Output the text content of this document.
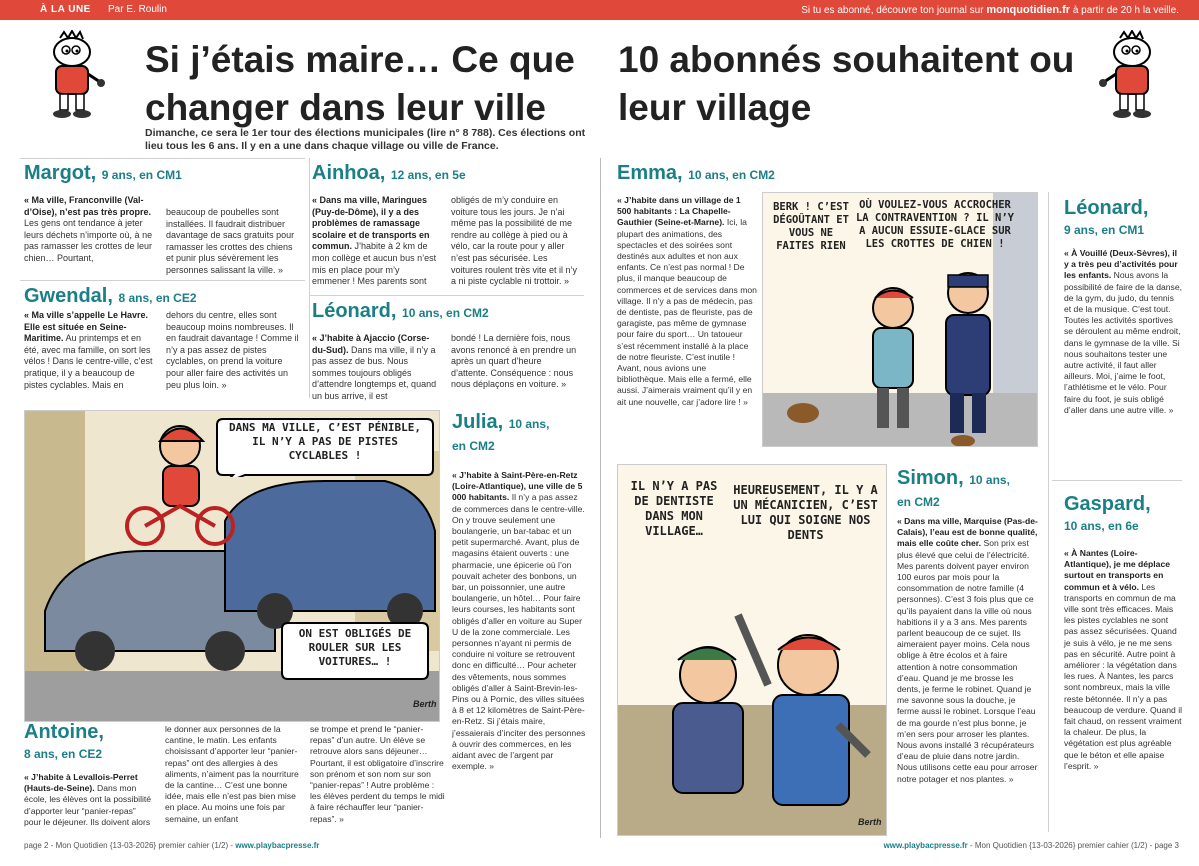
À LA UNE Par E. Roulin	Si tu es abonné, découvre ton journal sur monquotidien.fr à partir de 20 h la veille.
Si j’étais maire… Ce que changer dans leur ville
10 abonnés souhaitent ou leur village
Dimanche, ce sera le 1er tour des élections municipales (lire n° 8 788). Ces élections ont lieu tous les 6 ans. Il y en a une dans chaque village ou ville de France.
Margot, 9 ans, en CM1
« Ma ville, Franconville (Val-d’Oise), n’est pas très propre. Les gens ont tendance à jeter leurs déchets n’importe où, à ne pas ramasser les crottes de leur chien… Pourtant,
beaucoup de poubelles sont installées. Il faudrait distribuer davantage de sacs gratuits pour ramasser les crottes des chiens et punir plus sévèrement les personnes salissant la ville. »
Gwendal, 8 ans, en CE2
« Ma ville s’appelle Le Havre. Elle est située en Seine-Maritime. Au printemps et en été, avec ma famille, on sort les vélos ! Dans le centre-ville, c’est pratique, il y a beaucoup de pistes cyclables. Mais en
dehors du centre, elles sont beaucoup moins nombreuses. Il en faudrait davantage ! Comme il n’y a pas assez de pistes cyclables, on prend la voiture pour aller faire des activités un peu plus loin. »
Ainhoa, 12 ans, en 5e
« Dans ma ville, Maringues (Puy-de-Dôme), il y a des problèmes de ramassage scolaire et de transports en commun. J’habite à 2 km de mon collège et aucun bus n’est mis en place pour m’y emmener ! Mes parents sont
obligés de m’y conduire en voiture tous les jours. Je n’ai même pas la possibilité de me rendre au collège à pied ou à vélo, car la route pour y aller n’est pas sécurisée. Les voitures roulent très vite et il n’y a ni piste cyclable ni trottoir. »
Léonard, 10 ans, en CM2
« J’habite à Ajaccio (Corse-du-Sud). Dans ma ville, il n’y a pas assez de bus. Nous sommes toujours obligés d’attendre longtemps et, quand un bus arrive, il est
bondé ! La dernière fois, nous avons renoncé à en prendre un après un quart d’heure d’attente. Conséquence : nous nous déplaçons en voiture. »
DANS MA VILLE, C’EST PÉNIBLE, IL N’Y A PAS DE PISTES CYCLABLES !
ON EST OBLIGÉS DE ROULER SUR LES VOITURES… !
Berth
Julia, 10 ans,
en CM2
« J’habite à Saint-Père-en-Retz (Loire-Atlantique), une ville de 5 000 habitants. Il n’y a pas assez de commerces dans le centre-ville. On y trouve seulement une boulangerie, un bar-tabac et un petit supermarché. Avant, plus de magasins étaient ouverts : une pharmacie, une épicerie où l’on pouvait acheter des bonbons, un bar, un poissonnier, une autre boulangerie, un hôtel… Pour faire leurs courses, les habitants sont obligés d’aller en voiture au Super U de la zone commerciale. Les personnes n’ayant ni permis de conduire ni voiture se retrouvent donc en difficulté… Pour acheter des vêtements, nous sommes obligés d’aller à Saint-Brevin-les-Pins ou à Pornic, des villes situées à 8 et 12 kilomètres de Saint-Père-en-Retz. Si j’étais maire, j’essaierais d’inciter des personnes à ouvrir des commerces, en les aidant avec de l’argent par exemple. »
Antoine,
8 ans, en CE2
« J’habite à Levallois-Perret (Hauts-de-Seine). Dans mon école, les élèves ont la possibilité d’apporter leur “panier-repas” pour le déjeuner. Ils doivent alors
le donner aux personnes de la cantine, le matin. Les enfants choisissant d’apporter leur “panier-repas” ont des allergies à des aliments, n’aiment pas la nourriture de la cantine… C’est une bonne idée, mais elle n’est pas bien mise en place. Au moins une fois par semaine, un enfant
se trompe et prend le “panier-repas” d’un autre. Un élève se retrouve alors sans déjeuner… Pourtant, il est obligatoire d’inscrire son prénom et son nom sur son “panier-repas” ! Autre problème : les élèves perdent du temps le midi à faire réchauffer leur “panier-repas”. »
Emma, 10 ans, en CM2
« J’habite dans un village de 1 500 habitants : La Chapelle-Gauthier (Seine-et-Marne). Ici, la plupart des animations, des spectacles et des soirées sont destinés aux adultes et non aux enfants. Ce n’est pas normal ! De plus, il manque beaucoup de commerces et de services dans mon village. Il n’y a pas de médecin, pas de dentiste, pas de fleuriste, pas de garagiste, pas même de gymnase pour faire du sport… Un tatoueur s’est récemment installé à la place de notre fleuriste. C’est inutile ! Avant, nous avions une bibliothèque. Mais elle a fermé, elle aussi. J’aimerais vraiment qu’il y en ait une nouvelle, car j’adore lire ! »
BERK ! C’EST DÉGOÛTANT ET VOUS NE FAITES RIEN
OÙ VOULEZ-VOUS ACCROCHER LA CONTRAVENTION ? IL N’Y A AUCUN ESSUIE-GLACE SUR LES CROTTES DE CHIEN !
Léonard,
9 ans, en CM1
« À Vouillé (Deux-Sèvres), il y a très peu d’activités pour les enfants. Nous avons la possibilité de faire de la danse, de la gym, du judo, du tennis et de la musique. C’est tout. Toutes les activités sportives se déroulent au même endroit, dans le gymnase de la ville. Si nous souhaitons tester une autre activité, il faut aller ailleurs. Moi, j’aime le foot, l’athlétisme et le vélo. Pour faire du foot, je suis obligé d’aller dans une autre ville. »
Gaspard,
10 ans, en 6e
« À Nantes (Loire-Atlantique), je me déplace surtout en transports en commun et à vélo. Les transports en commun de ma ville sont très efficaces. Mais les pistes cyclables ne sont pas assez sécurisées. Quand je suis à vélo, je ne me sens pas en sécurité. Autre point à améliorer : la végétation dans les rues. À Nantes, les parcs sont nombreux, mais la ville reste bétonnée. Il n’y a pas beaucoup de verdure. Quand il fait chaud, on ressent vraiment la chaleur. De plus, la végétation est plus agréable que le béton et elle apaise l’esprit. »
IL N’Y A PAS DE DENTISTE DANS MON VILLAGE…
HEUREUSEMENT, IL Y A UN MÉCANICIEN, C’EST LUI QUI SOIGNE NOS DENTS
Berth
Simon, 10 ans,
en CM2
« Dans ma ville, Marquise (Pas-de-Calais), l’eau est de bonne qualité, mais elle coûte cher. Son prix est plus élevé que celui de l’électricité. Mes parents doivent payer environ 100 euros par mois pour la consommation de notre famille (4 personnes). C’est 3 fois plus que ce qu’ils payaient dans la ville où nous habitions il y a 3 ans. Mes parents parlent beaucoup de ce sujet. Ils aimeraient payer moins. Cela nous oblige à être écolos et à faire attention à notre consommation d’eau. Quand je me brosse les dents, je ferme le robinet. Quand je me savonne sous la douche, je ferme aussi le robinet. Lorsque l’eau de ma gourde n’est plus bonne, je m’en sers pour arroser les plantes. Nous avons installé 3 récupérateurs d’eau de pluie dans notre jardin. Nous utilisons cette eau pour arroser notre potager et nos plantes. »
page 2 - Mon Quotidien {13-03-2026} premier cahier (1/2) - www.playbacpresse.fr	www.playbacpresse.fr - Mon Quotidien {13-03-2026} premier cahier (1/2) - page 3
